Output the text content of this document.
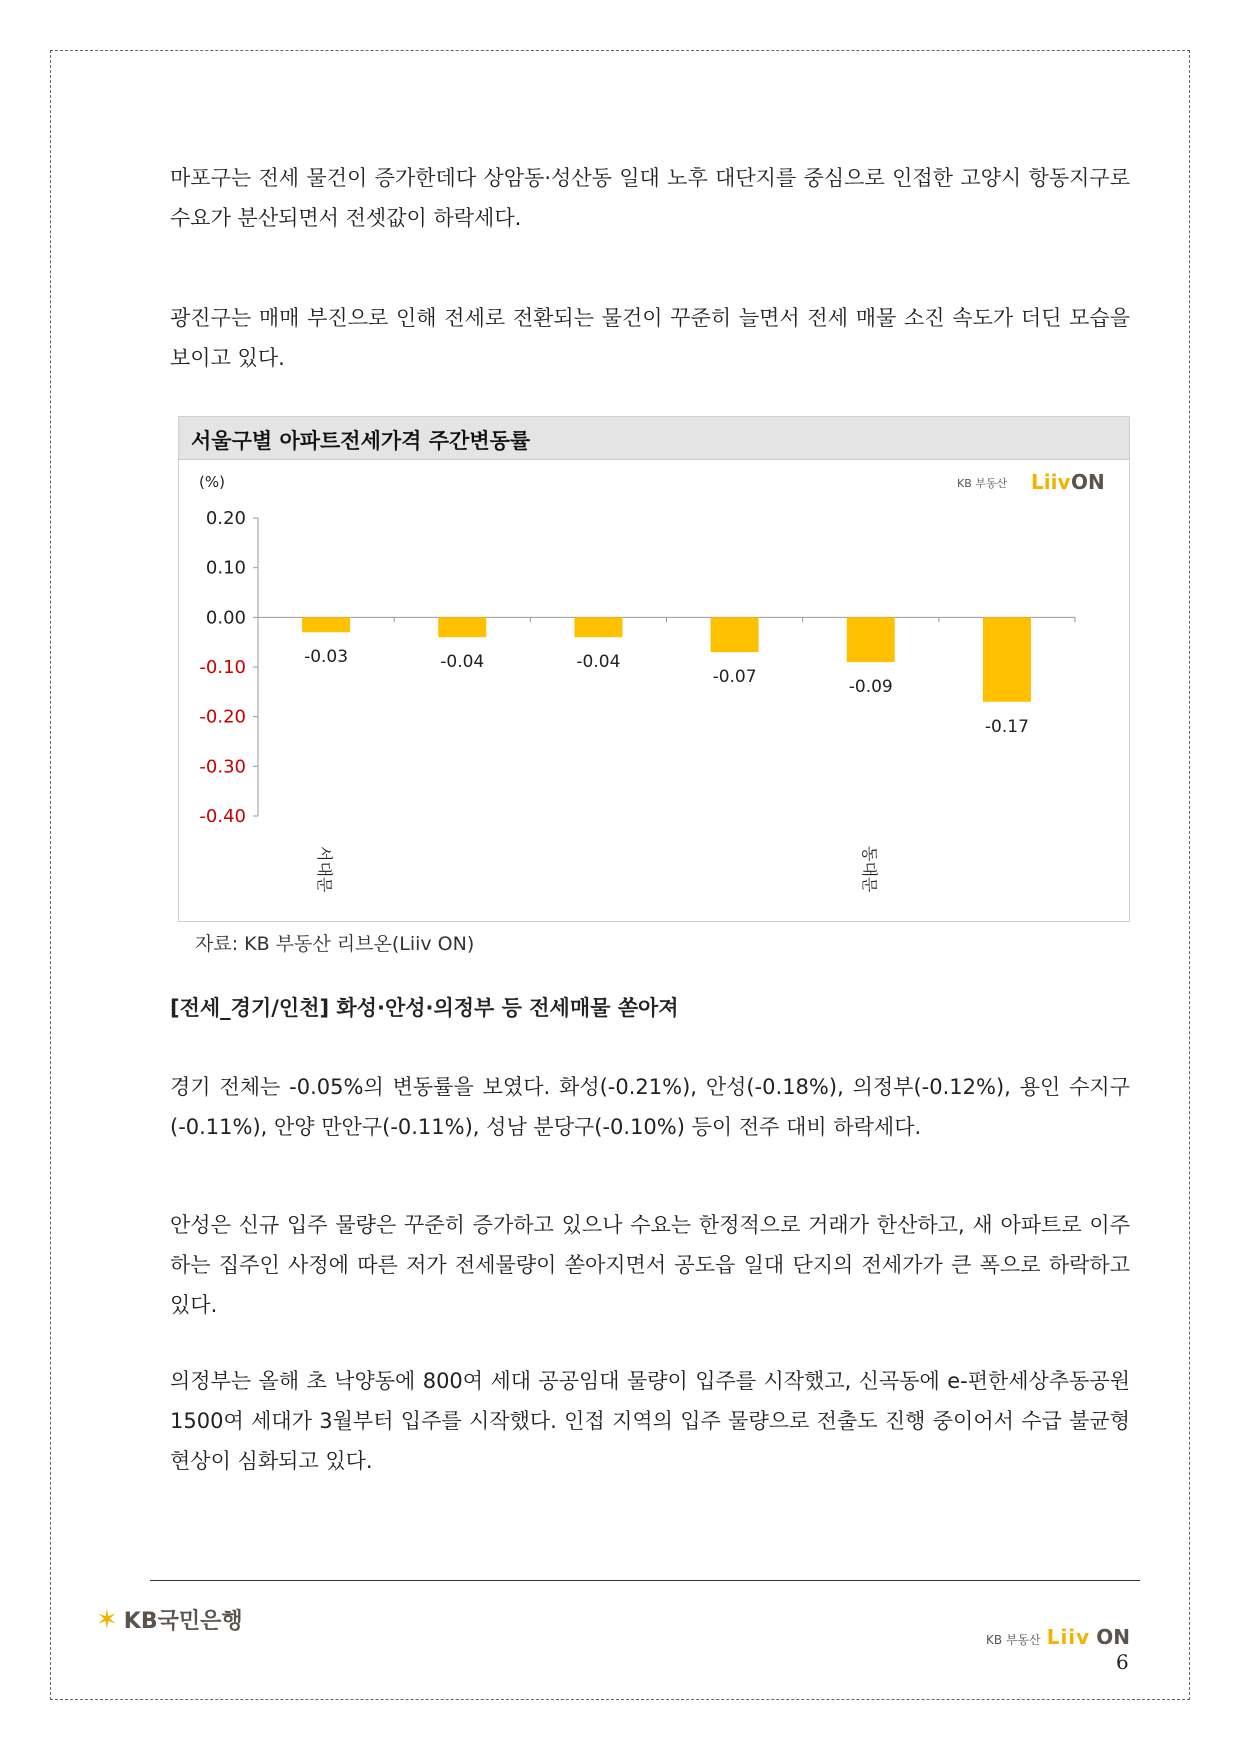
마포구는 전세 물건이 증가한데다 상암동·성산동 일대 노후 대단지를 중심으로 인접한 고양시 항동지구로 수요가 분산되면서 전셋값이 하락세다.

광진구는 매매 부진으로 인해 전세로 전환되는 물건이 꾸준히 늘면서 전세 매물 소진 속도가 더딘 모습을 보이고 있다.

서울구별 아파트전세가격 주간변동률
(%)	KB 부동산 Liiv ON
0.20
0.10
0.00
-0.10
-0.20
-0.30
-0.40
-0.03
서대문
-0.04	-0.04
-0.07	-0.09
동대문
-0.17
자료: KB 부동산 리브온(Liiv ON)
[전세_경기/인천] 화성·안성·의정부 등 전세매물 쏟아져

경기 전체는 -0.05%의 변동률을 보였다. 화성(-0.21%), 안성(-0.18%), 의정부(-0.12%), 용인 수지구(-0.11%), 안양 만안구(-0.11%), 성남 분당구(-0.10%) 등이 전주 대비 하락세다.

안성은 신규 입주 물량은 꾸준히 증가하고 있으나 수요는 한정적으로 거래가 한산하고, 새 아파트로 이주하는 집주인 사정에 따른 저가 전세물량이 쏟아지면서 공도읍 일대 단지의 전세가가 큰 폭으로 하락하고 있다.

의정부는 올해 초 낙양동에 800여 세대 공공임대 물량이 입주를 시작했고, 신곡동에 e-편한세상추동공원 1500여 세대가 3월부터 입주를 시작했다. 인접 지역의 입주 물량으로 전출도 진행 중이어서 수급 불균형 현상이 심화되고 있다.

✶ KB국민은행
KB 부동산 Liiv ON
6
